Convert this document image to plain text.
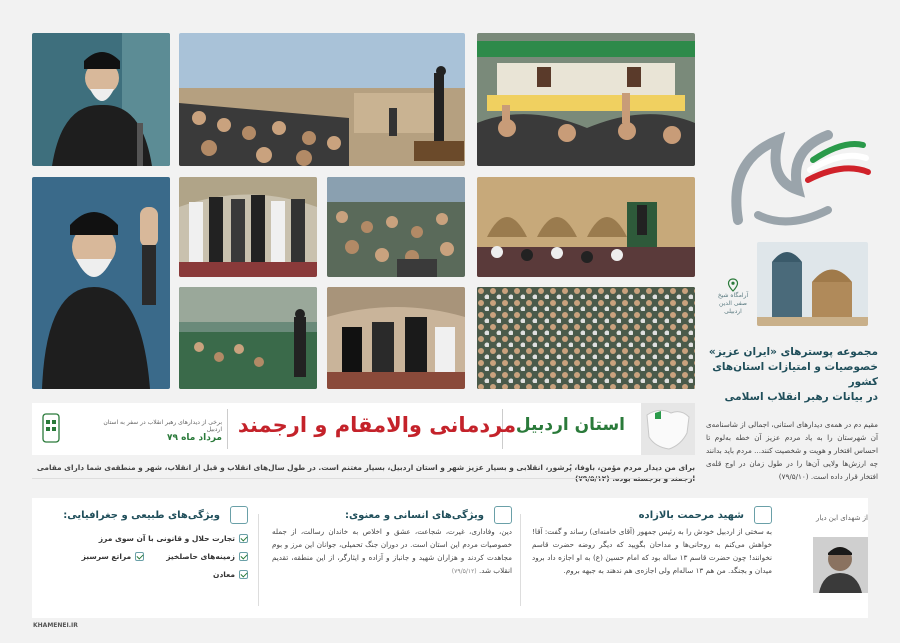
آرامگاه شیخ صفی الدین اردبیلی
مجموعه پوسترهای «ایران عزیز»
خصوصیات و امتیازات استان‌های کشور
در بیانات رهبر انقلاب اسلامی
استان اردبیل
مردمانی والامقام و ارجمند
برخی از دیدارهای رهبر انقلاب در سفر به استان اردبیل
مرداد ماه ۷۹
مقیم دم در همه‌ی دیدارهای استانی، اجمالی از شاسنامه‌ی آن شهرستان را به یاد مردم عزیز آن خطه به‌لوم تا احساس افتخار و هویت و شخصیت کنند... مردم باید بدانند چه ارزش‌ها و‌لایی آن‌ها را در طول زمان در اوج قله‌ی افتخار قرار داده است. (۷۹/۵/۱۰)
برای من دیدار مردم مؤمن، باوفا، پُرشور، انقلابی و بسیار عزیز شهر و استان اردبیل، بسیار مغتنم است. در طول سال‌های انقلاب و قبل از انقلاب، شهر و منطقه‌ی شما دارای مقامی
شهید مرحمت بالازاده

به سختی از اردبیل خودش را به رئیس جمهور (آقای خامنه‌ای) رساند و گفت: آقا! خواهش می‌کنم به روحانی‌ها و مداحان بگویید که دیگر روضه حضرت قاسم نخوانند! چون حضرت قاسم ۱۳ ساله بود که امام حسین (ع) به او اجازه داد برود میدان و بجنگد. من هم ۱۳ ساله‌ام ولی اجازه‌ی هم ندهند به جبهه بروم.

ویژگی‌های انسانی و معنوی:

دین، وفاداری، غیرت، شجاعت، عشق و اخلاص به خاندان رسالت، از جمله خصوصیات مردم این استان است. در دوران جنگ تحمیلی، جوانان این مرز و بوم مجاهدت کردند و هزاران شهید و جانباز و آزاده و ایثارگر، از این منطقه، تقدیم انقلاب شد. (۷۹/۵/۱۲)

ویژگی‌های طبیعی و جغرافیایی:
تجارت حلال و قانونی با آن سوی مرز
زمینه‌های حاصلخیز
مراتع سرسبز
معادن
از شهدای این دیار
KHAMENEI.IR
